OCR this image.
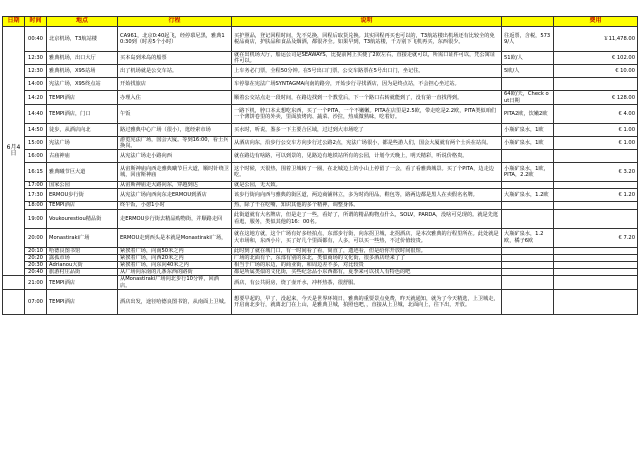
日期	时间	地点	行程	说明		费用
6月4日	00:40	北京机场，T3航站楼	CA961，北京0:40起飞，经停慕尼黑，雅典10:30到（时差5个小时）	买护照品，登记回程时间，先不兑换，回程后取货兑换。其实回程再买也可以的，T3航站楼出机场还有比较全的免税品商店，护肤品和食品及烟洒，都很齐全。如果早到，T3航站楼，千万别下飞机再买，东西很少。	往返票，含税，5739/人	￥11,478.00
	12:30	雅典机场，出口大厅	买本岛到米岛的船票	就在出机场大厅，船运公司是SEAWAYS，比提前网上买便了2欧左右，直接走就可以，所需口证件可以，凭公寓证件可以。	51欧/人	€ 102.00
	12:30	雅典机场，X95站场	出了机场就是公交车站。	上车务必门票，全程50分钟。在5号出口门票，公交车路票在5号出口门，坐记住。	5欧/人	€ 10.00
	14:00	宪法广场，X95终点站	开始找旅店	车停靠在宪法广场SYNTAGMA向南的路旁，开始步行寻找酒店，因为是终点站，不会担心坐过站。		
	14:20	TEMPI酒店	办理入住	顺着公交站点走一段时间，在路边找到一个教堂后，下一个路口右转就能到了，没有第一直找得到。	64欧/天，Check out日期	€ 128.00
	14:40	TEMPI酒店，门口	午饭	一路下机，脖口本太想吃东西，买了一个PITA，一个不嫩嫩。PITA在店里是2.5欧，带走吃是2.2欧，PITA类似咱们一个薄饼卷里的外卖，里面放烤肉、蔬菜、沙拉，热成微熟味，吃着好。	PITA2欧，饮嫩2欧	€ 4.00
	14:50	徒步，从酒店向北	路过雅典中心广场（很小），逛经索市场	买水时，听说，鉴多一下主要合区域，过过到大市场吃了	小瓶矿泉水，1欧	€ 1.00
	15:00	宪法广场	游览宪法广场，国会大厦。等到16:00，看士兵换岗。	从酒店向东，沿步行公交车方向步行过公路2点，宪法广场很小，都是些游人们，国会大厦就有两个士兵在站岗。	小瓶矿泉水，1欧	€ 1.00
	16:00	古庙神庙	从宪法广场走小路向西	就在路边有啥路，可以到景的，见路边有地铁站所有的公园，计划今天晚上，明天精彩，听说价格贵。		
	16:15	雅典曦节巨大道	从宙斯神庙向西走雅典曦节巨大道，顺时针绕卫城，回宙斯神庙	这个时候，天很热，围着卫城转了一圈，在北城边上的小山上停留了一会，看了看雅典城景。买了个PITA，边走边吃。	小瓶矿泉水，1欧，PITA，2.2欧	€ 3.20
	17:00	国家公园	从宙斯神庙走大路向东，穿越到达	就是公园，无大致。		
	17:30	ERMOU步行街	从宪法广场向西向东走ERMOU到酒店	该步行街向向西与雅典的街区道，两边商铺林立，多为时尚用品，鞋包等，路两边都是黑人在卖假名名牌。	大瓶矿泉水，1.2欧	€ 1.20
	18:00	TEMPI酒店	终午饭，小憩1小时	热，除了干在吃嘴，知识其他的多个精神，调整身体。		
	19:00	Voukourestiou精品街	走ERMOU步行街去精品购物街，并顺路走回	此街道就有大名牌店，但是走了一些，看好了，所谓的精品购物点什么，SOLV，PARDA，没啥可兑现的。就是先逛看逛，服务，类似其他的16：00名。		
	20:00	Monastiraki广场	ERMOU走到西头是本就是Monastiraki广场，	就在这地方就，这个广场有好多经拍点，东部步行街，向东拐卫城，北拐酒店，是本次雅典的行程里所在。此处就是大市场和，东西小片，买了好几个里面都有，人多，可以买一些热，不过价值较贵。	大瓶矿泉水，1.2欧，橘子6欧	€ 7.20
	20:10	哈德良图书馆	紧挨着广场，向南50米之内	此时到了就在城门口，有一时间看了看，简直了，遗迹看，但是给你开放时间很短。		
	20:20	露孤市场	紧挨着广场，向西20米之内	广场的北面有个，东部有别的东北，类似商场的文化街，很多酒店经来了了		
	20:30	Adrianou大街	紧挨着广场，向东向40米之内	相当于广场的东边，的商业街，和周边差不多，对比较贵		
	20:40	旅游村庄品街	从广场向东南的儿条东西的路街	都是所属类似的文化街，买些纪念品小东西都有，夏季来可以找人有特色的吧		
	21:00	TEMPI酒店	从Monastiraki广场向北步行10分钟，回酒店。	酒店，有公共厨房，烧了壶开水，冲杯热茶，很舒服。		
	07:00	TEMPI酒店	酒店出发，途径哈德良图书馆，从南面上卫城。	想要早起的，早了，没起来，今天是世界环境日，雅典的重要景点免费，昨天就通知，就为了今天精选，上卫城走，开启南北步行，就离北门在上山，是雅典卫城，拍照也吧，，直接从上卫城，北面向上，往下出，开放。		
